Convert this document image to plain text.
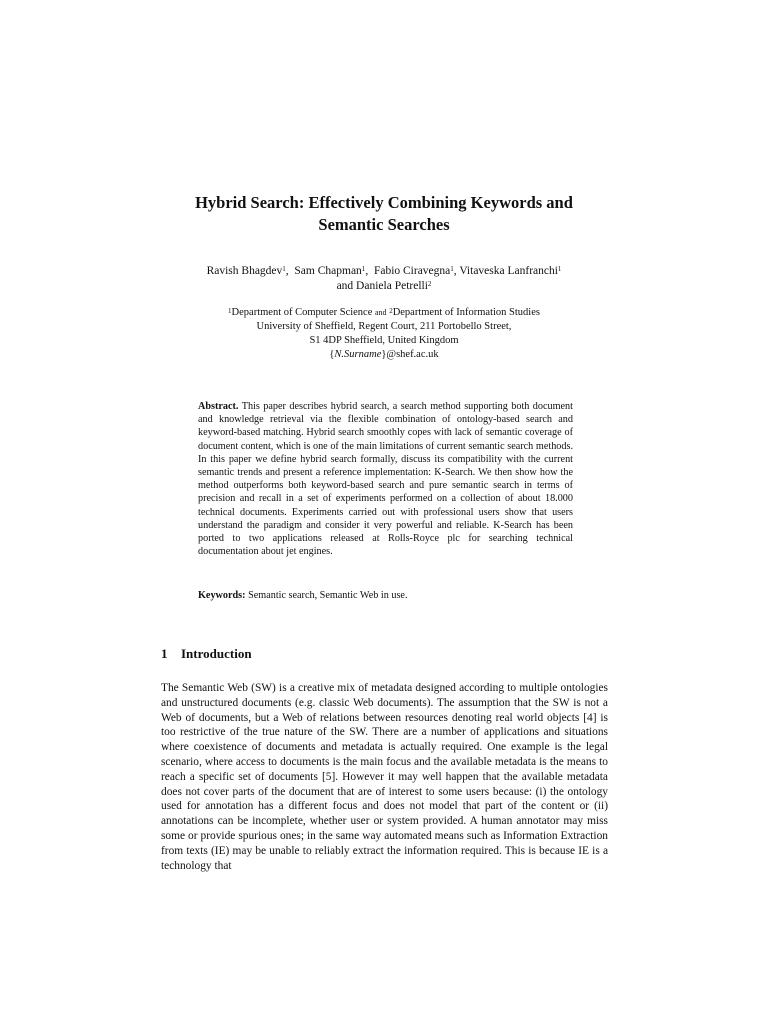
Hybrid Search: Effectively Combining Keywords and
Semantic Searches
Ravish Bhagdev$^1$,  Sam Chapman$^1$,  Fabio Ciravegna$^1$, Vitaveska Lanfranchi$^1$
and Daniela Petrelli$^2$
$^1$Department of Computer Science and $^2$Department of Information Studies
University of Sheffield, Regent Court, 211 Portobello Street,
S1 4DP Sheffield, United Kingdom
{N.Surname}@shef.ac.uk
Abstract. This paper describes hybrid search, a search method supporting both document and knowledge retrieval via the flexible combination of ontology-based search and keyword-based matching. Hybrid search smoothly copes with lack of semantic coverage of document content, which is one of the main limitations of current semantic search methods. In this paper we define hybrid search formally, discuss its compatibility with the current semantic trends and present a reference implementation: K-Search. We then show how the method outperforms both keyword-based search and pure semantic search in terms of precision and recall in a set of experiments performed on a collection of about 18.000 technical documents. Experiments carried out with professional users show that users understand the paradigm and consider it very powerful and reliable. K-Search has been ported to two applications released at Rolls-Royce plc for searching technical documentation about jet engines.
Keywords: Semantic search, Semantic Web in use.
1 Introduction
The Semantic Web (SW) is a creative mix of metadata designed according to multiple ontologies and unstructured documents (e.g. classic Web documents). The assumption that the SW is not a Web of documents, but a Web of relations between resources denoting real world objects [4] is too restrictive of the true nature of the SW. There are a number of applications and situations where coexistence of documents and metadata is actually required. One example is the legal scenario, where access to documents is the main focus and the available metadata is the means to reach a specific set of documents [5]. However it may well happen that the available metadata does not cover parts of the document that are of interest to some users because: (i) the ontology used for annotation has a different focus and does not model that part of the content or (ii) annotations can be incomplete, whether user or system provided. A human annotator may miss some or provide spurious ones; in the same way automated means such as Information Extraction from texts (IE) may be unable to reliably extract the information required. This is because IE is a technology that
